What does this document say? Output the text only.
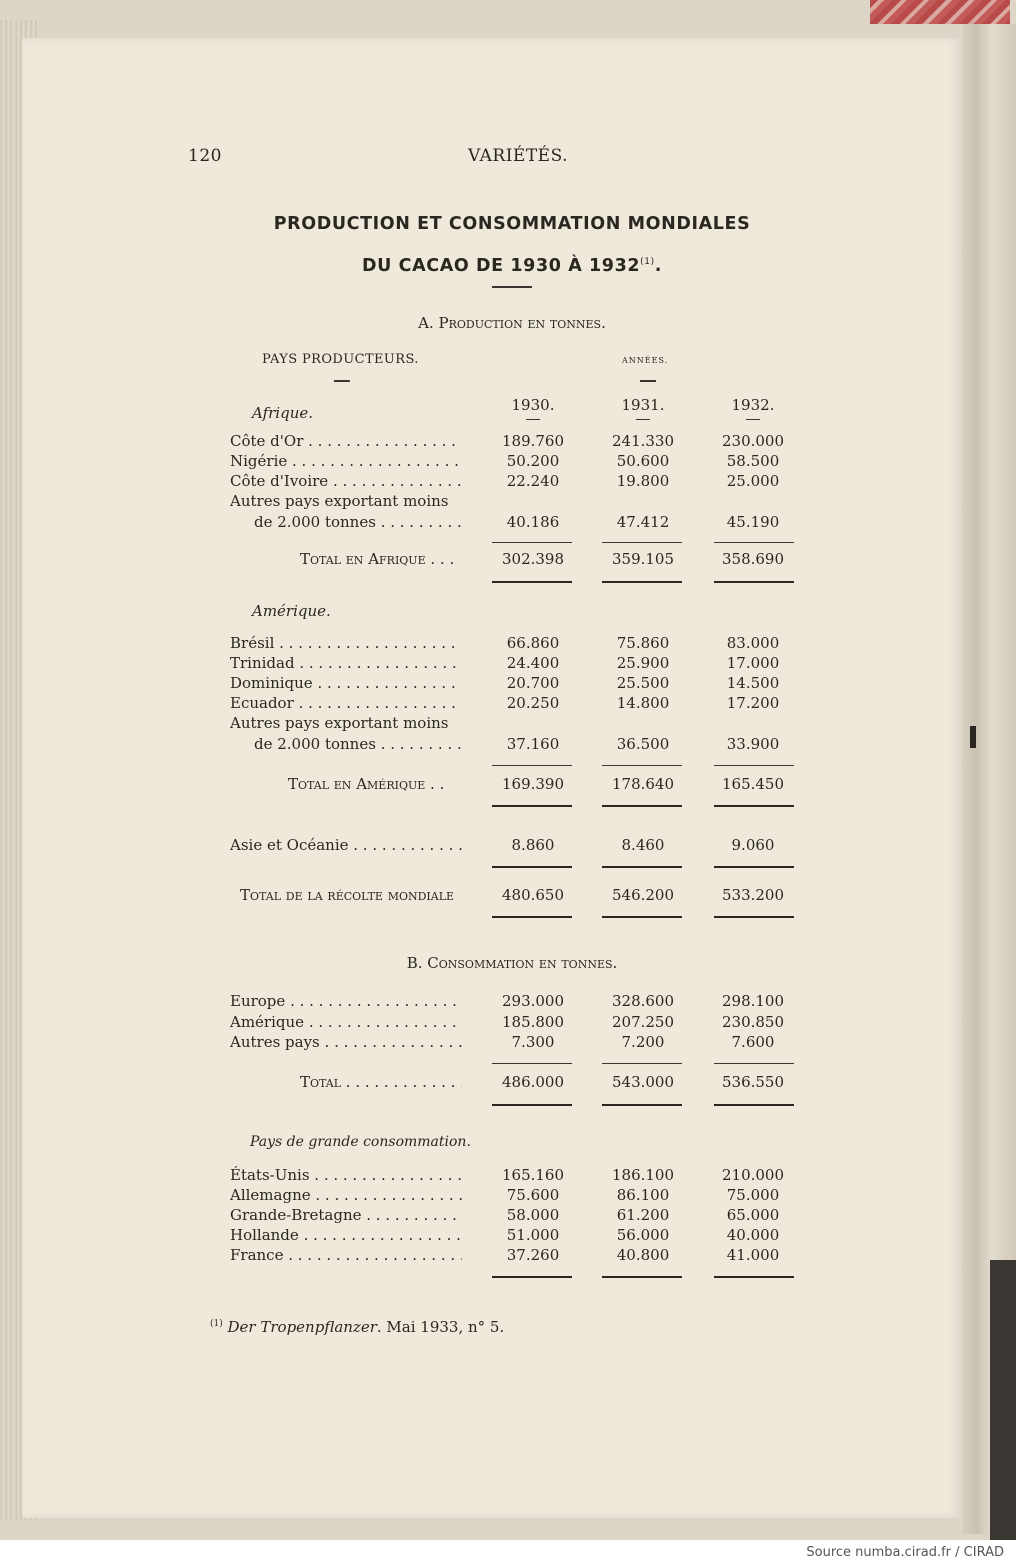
120	VARIÉTÉS.
PRODUCTION ET CONSOMMATION MONDIALES
DU CACAO DE 1930 À 1932$^{(1)}$.
A. Production en tonnes.
PAYS PRODUCTEURS.	ANNÉES.
Afrique.	1930.	1931.	1932.
Côte d'Or . . .	189.760	241.330	230.000
Nigérie . . .	50.200	50.600	58.500
Côte d'Ivoire . . .	22.240	19.800	25.000
Autres pays exportant moins
de 2.000 tonnes . . .	40.186	47.412	45.190
Total en Afrique . . .	302.398	359.105	358.690
Amérique.
Brésil . . .	66.860	75.860	83.000
Trinidad . . .	24.400	25.900	17.000
Dominique . . .	20.700	25.500	14.500
Ecuador . . .	20.250	14.800	17.200
Autres pays exportant moins
de 2.000 tonnes . . .	37.160	36.500	33.900
Total en Amérique . .	169.390	178.640	165.450
Asie et Océanie . . .	8.860	8.460	9.060
Total de la récolte mondiale	480.650	546.200	533.200
B. Consommation en tonnes.
Europe . . .	293.000	328.600	298.100
Amérique . . .	185.800	207.250	230.850
Autres pays . . .	7.300	7.200	7.600
Total . . .	486.000	543.000	536.550
Pays de grande consommation.
États-Unis . . .	165.160	186.100	210.000
Allemagne . . .	75.600	86.100	75.000
Grande-Bretagne . . .	58.000	61.200	65.000
Hollande . . .	51.000	56.000	40.000
France . . .	37.260	40.800	41.000
$^{(1)}$ Der Tropenpflanzer. Mai 1933, n° 5.
Source numba.cirad.fr / CIRAD
